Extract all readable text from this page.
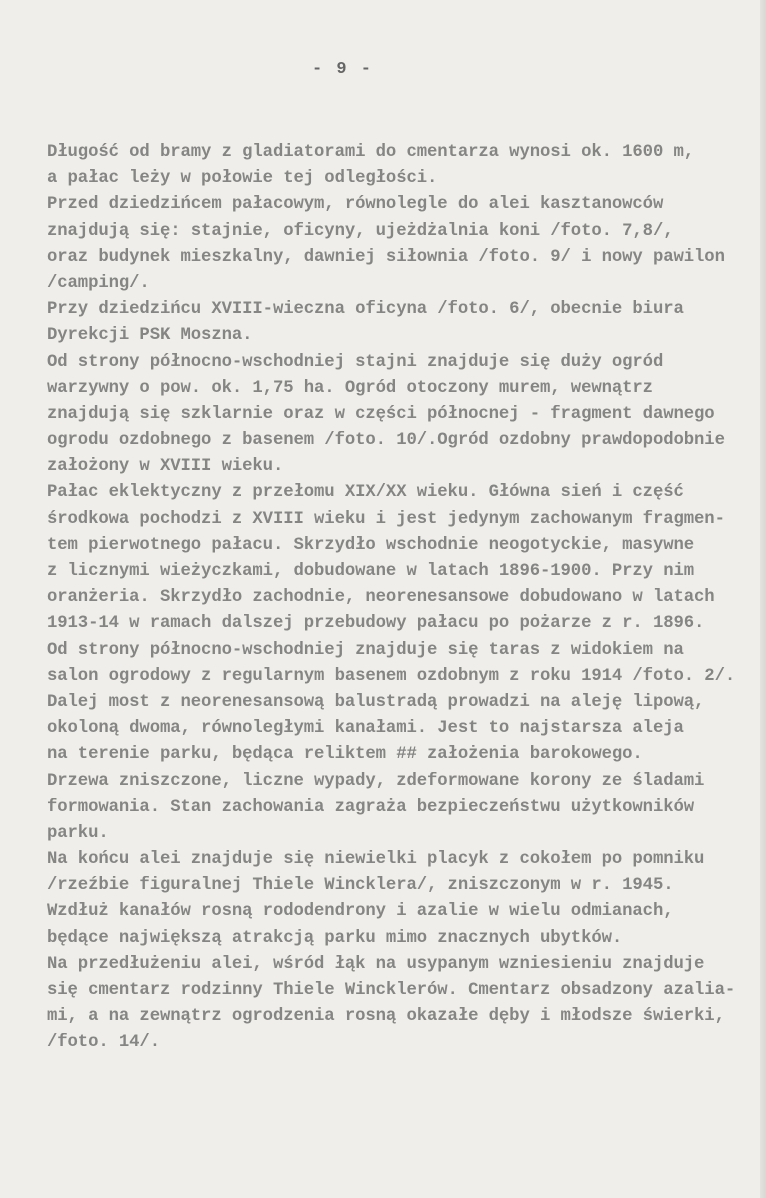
- 9 -
Długość od bramy z gladiatorami do cmentarza wynosi ok. 1600 m,
a pałac leży w połowie tej odległości.
Przed dziedzińcem pałacowym, równolegle do alei kasztanowców
znajdują się: stajnie, oficyny, ujeżdżalnia koni /foto. 7,8/,
oraz budynek mieszkalny, dawniej siłownia /foto. 9/ i nowy pawilon
/camping/.
Przy dziedzińcu XVIII-wieczna oficyna /foto. 6/, obecnie biura
Dyrekcji PSK Moszna.
Od strony północno-wschodniej stajni znajduje się duży ogród
warzywny o pow. ok. 1,75 ha. Ogród otoczony murem, wewnątrz
znajdują się szklarnie oraz w części północnej - fragment dawnego
ogrodu ozdobnego z basenem /foto. 10/.Ogród ozdobny prawdopodobnie
założony w XVIII wieku.
Pałac eklektyczny z przełomu XIX/XX wieku. Główna sień i część
środkowa pochodzi z XVIII wieku i jest jedynym zachowanym fragmen-
tem pierwotnego pałacu. Skrzydło wschodnie neogotyckie, masywne
z licznymi wieżyczkami, dobudowane w latach 1896-1900. Przy nim
oranżeria. Skrzydło zachodnie, neorenesansowe dobudowano w latach
1913-14 w ramach dalszej przebudowy pałacu po pożarze z r. 1896.
Od strony północno-wschodniej znajduje się taras z widokiem na
salon ogrodowy z regularnym basenem ozdobnym z roku 1914 /foto. 2/.
Dalej most z neorenesansową balustradą prowadzi na aleję lipową,
okoloną dwoma, równoległymi kanałami. Jest to najstarsza aleja
na terenie parku, będąca reliktem ## założenia barokowego.
Drzewa zniszczone, liczne wypady, zdeformowane korony ze śladami
formowania. Stan zachowania zagraża bezpieczeństwu użytkowników
parku.
Na końcu alei znajduje się niewielki placyk z cokołem po pomniku
/rzeźbie figuralnej Thiele Wincklera/, zniszczonym w r. 1945.
Wzdłuż kanałów rosną rododendrony i azalie w wielu odmianach,
będące największą atrakcją parku mimo znacznych ubytków.
Na przedłużeniu alei, wśród łąk na usypanym wzniesieniu znajduje
się cmentarz rodzinny Thiele Wincklerów. Cmentarz obsadzony azalia-
mi, a na zewnątrz ogrodzenia rosną okazałe dęby i młodsze świerki,
/foto. 14/.
